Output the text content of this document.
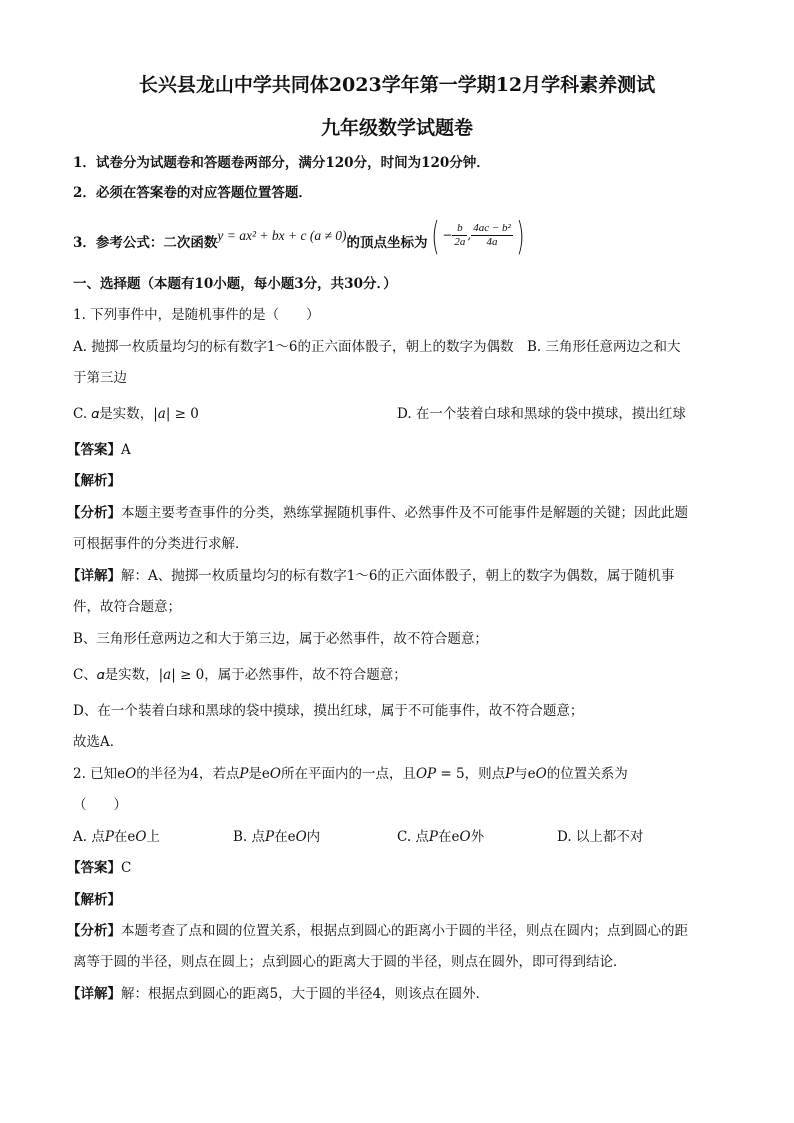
长兴县龙山中学共同体2023学年第一学期12月学科素养测试
九年级数学试题卷
1．试卷分为试题卷和答题卷两部分，满分120分，时间为120分钟．
2．必须在答案卷的对应答题位置答题．
3．参考公式：二次函数y = ax² + bx + c (a ≠ 0)的顶点坐标为( − $\frac{b}{2a}$ , $\frac{\text{4ac − b²}}{4a}$ )
一、选择题（本题有10小题，每小题3分，共30分．）
1. 下列事件中，是随机事件的是（　　）
A. 抛掷一枚质量均匀的标有数字1～6的正六面体骰子，朝上的数字为偶数　B. 三角形任意两边之和大
于第三边
C. 𝛼是实数，|𝑎| ≥ 0	D. 在一个装着白球和黑球的袋中摸球，摸出红球
【答案】A
【解析】
【分析】本题主要考查事件的分类，熟练掌握随机事件、必然事件及不可能事件是解题的关键；因此此题
可根据事件的分类进行求解．
【详解】解：A、抛掷一枚质量均匀的标有数字1～6的正六面体骰子，朝上的数字为偶数，属于随机事
件，故符合题意；
B、三角形任意两边之和大于第三边，属于必然事件，故不符合题意；
C、𝛼是实数，|𝑎| ≥ 0，属于必然事件，故不符合题意；
D、在一个装着白球和黑球的袋中摸球，摸出红球，属于不可能事件，故不符合题意；
故选A．
2. 已知e𝑂的半径为4，若点𝑃是e𝑂所在平面内的一点，且𝑂𝑃 = 5，则点𝑃与e𝑂的位置关系为
（　　）
A. 点𝑃在e𝑂上	B. 点𝑃在e𝑂内	C. 点𝑃在e𝑂外	D. 以上都不对
【答案】C
【解析】
【分析】本题考查了点和圆的位置关系，根据点到圆心的距离小于圆的半径，则点在圆内；点到圆心的距
离等于圆的半径，则点在圆上；点到圆心的距离大于圆的半径，则点在圆外，即可得到结论．
【详解】解：根据点到圆心的距离5，大于圆的半径4，则该点在圆外．
